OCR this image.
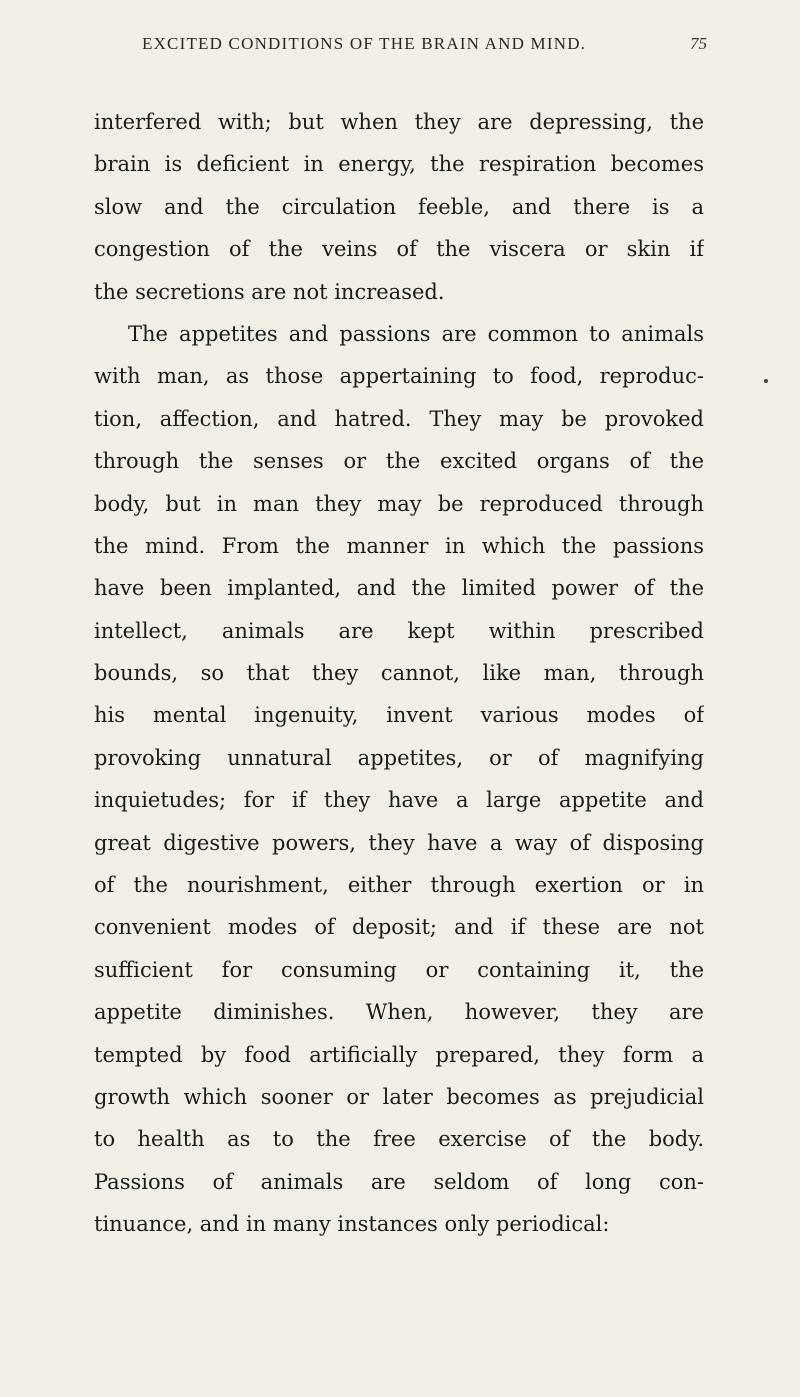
EXCITED CONDITIONS OF THE BRAIN AND MIND.	75
interfered with; but when they are depressing, the
brain is deficient in energy, the respiration becomes
slow and the circulation feeble, and there is a
congestion of the veins of the viscera or skin if
the secretions are not increased.
The appetites and passions are common to animals
with man, as those appertaining to food, reproduc-
tion, affection, and hatred. They may be provoked
through the senses or the excited organs of the
body, but in man they may be reproduced through
the mind. From the manner in which the passions
have been implanted, and the limited power of the
intellect, animals are kept within prescribed
bounds, so that they cannot, like man, through
his mental ingenuity, invent various modes of
provoking unnatural appetites, or of magnifying
inquietudes; for if they have a large appetite and
great digestive powers, they have a way of disposing
of the nourishment, either through exertion or in
convenient modes of deposit; and if these are not
sufficient for consuming or containing it, the
appetite diminishes. When, however, they are
tempted by food artificially prepared, they form a
growth which sooner or later becomes as prejudicial
to health as to the free exercise of the body.
Passions of animals are seldom of long con-
tinuance, and in many instances only periodical:
